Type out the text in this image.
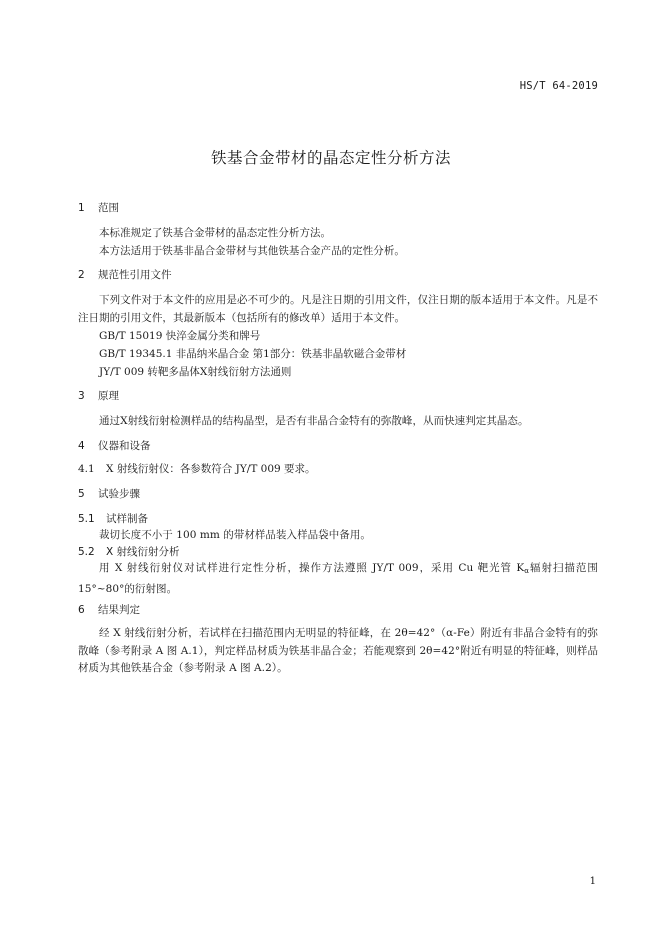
HS/T 64-2019
铁基合金带材的晶态定性分析方法
1	范围

本标准规定了铁基合金带材的晶态定性分析方法。

本方法适用于铁基非晶合金带材与其他铁基合金产品的定性分析。

2	规范性引用文件

下列文件对于本文件的应用是必不可少的。凡是注日期的引用文件，仅注日期的版本适用于本文件。凡是不注日期的引用文件，其最新版本（包括所有的修改单）适用于本文件。

GB/T 15019 快淬金属分类和牌号

GB/T 19345.1 非晶纳米晶合金 第1部分：铁基非晶软磁合金带材

JY/T 009 转靶多晶体X射线衍射方法通则

3	原理

通过X射线衍射检测样品的结构晶型，是否有非晶合金特有的弥散峰，从而快速判定其晶态。

4	仪器和设备
4.1	X 射线衍射仪：各参数符合 JY/T 009 要求。
5	试验步骤
5.1	试样制备

裁切长度不小于 100 mm 的带材样品装入样品袋中备用。

5.2	X 射线衍射分析

用 X 射线衍射仪对试样进行定性分析，操作方法遵照 JY/T 009，采用 Cu 靶光管 $K_\alpha$辐射扫描范围 15°~80°的衍射图。

6	结果判定

经 X 射线衍射分析，若试样在扫描范围内无明显的特征峰，在 2θ=42°（α-Fe）附近有非晶合金特有的弥散峰（参考附录 A 图 A.1），判定样品材质为铁基非晶合金；若能观察到 2θ=42°附近有明显的特征峰，则样品材质为其他铁基合金（参考附录 A 图 A.2）。

1
